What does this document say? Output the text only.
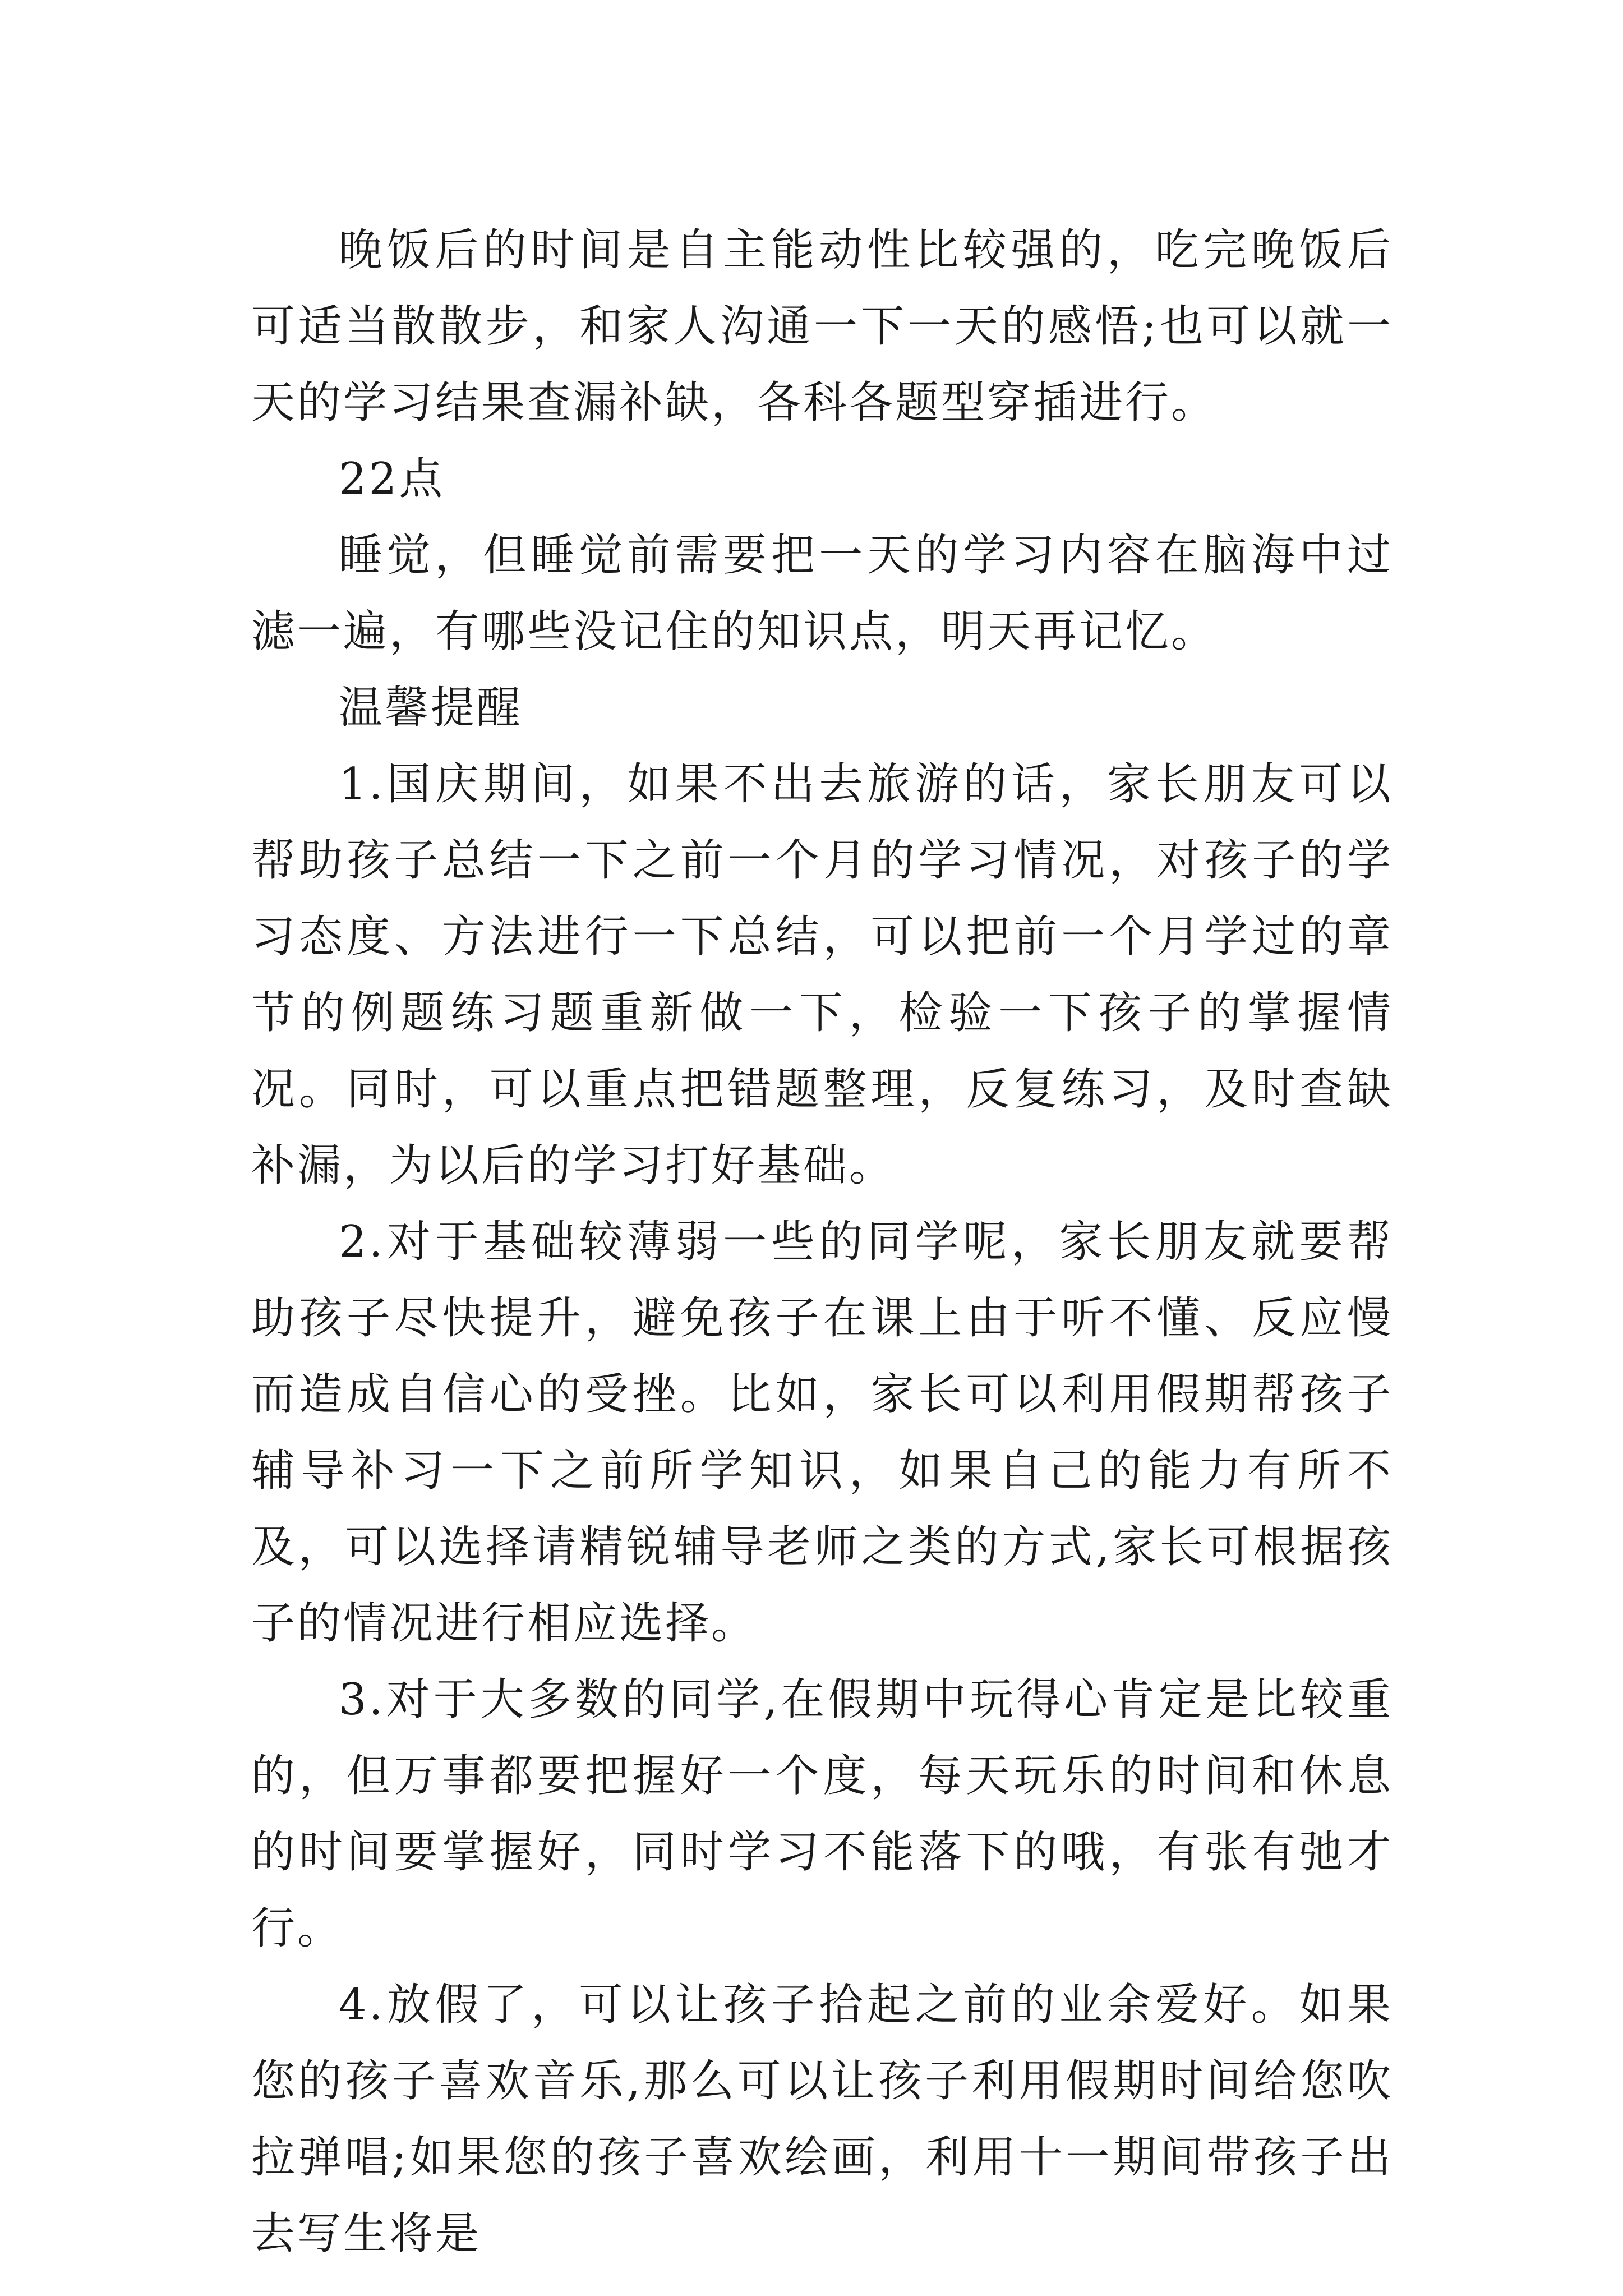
晚饭后的时间是自主能动性比较强的，吃完晚饭后可适当散散步，和家人沟通一下一天的感悟;也可以就一天的学习结果查漏补缺，各科各题型穿插进行。

22点

睡觉，但睡觉前需要把一天的学习内容在脑海中过滤一遍，有哪些没记住的知识点，明天再记忆。

温馨提醒

1.国庆期间，如果不出去旅游的话，家长朋友可以帮助孩子总结一下之前一个月的学习情况，对孩子的学习态度、方法进行一下总结，可以把前一个月学过的章节的例题练习题重新做一下，检验一下孩子的掌握情况。同时，可以重点把错题整理，反复练习，及时查缺补漏，为以后的学习打好基础。

2.对于基础较薄弱一些的同学呢，家长朋友就要帮助孩子尽快提升，避免孩子在课上由于听不懂、反应慢而造成自信心的受挫。比如，家长可以利用假期帮孩子辅导补习一下之前所学知识，如果自己的能力有所不及，可以选择请精锐辅导老师之类的方式,家长可根据孩子的情况进行相应选择。

3.对于大多数的同学,在假期中玩得心肯定是比较重的，但万事都要把握好一个度，每天玩乐的时间和休息的时间要掌握好，同时学习不能落下的哦，有张有弛才行。

4.放假了，可以让孩子拾起之前的业余爱好。如果您的孩子喜欢音乐,那么可以让孩子利用假期时间给您吹拉弹唱;如果您的孩子喜欢绘画，利用十一期间带孩子出去写生将是
